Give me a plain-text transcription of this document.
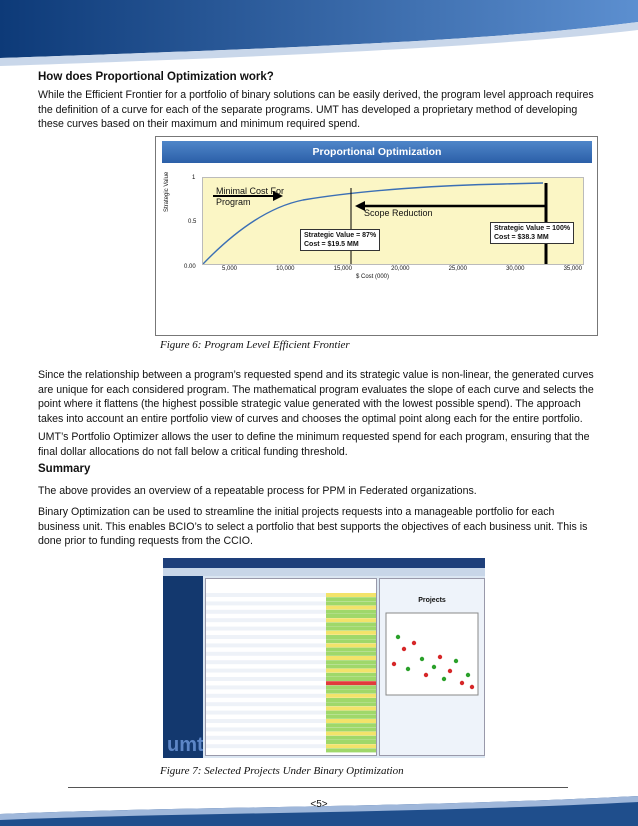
How does Proportional Optimization work?
While the Efficient Frontier for a portfolio of binary solutions can be easily derived, the program level approach requires the definition of a curve for each of the separate programs. UMT has developed a proprietary method of developing these curves based on their maximum and minimum required spend.
Proportional Optimization
Strategic Value	1
0.5
0.00
Minimal Cost For Program
Scope Reduction
Strategic Value = 87%
Cost = $19.5 MM
Strategic Value = 100%
Cost = $38.3 MM
5,000	10,000	15,000	20,000	25,000	30,000	35,000
$ Cost (000)
Figure 6: Program Level Efficient Frontier
Since the relationship between a program’s requested spend and its strategic value is non-linear, the generated curves are unique for each considered program. The mathematical program evaluates the slope of each curve and selects the point where it flattens (the highest possible strategic value generated with the lowest possible spend). The approach takes into account an entire portfolio view of curves and chooses the optimal point along each for the entire portfolio.
UMT’s Portfolio Optimizer allows the user to define the minimum requested spend for each program, ensuring that the final dollar allocations do not fall below a critical funding threshold.
Summary
The above provides an overview of a repeatable process for PPM in Federated organizations.
Binary Optimization can be used to streamline the initial projects requests into a manageable portfolio for each business unit. This enables BCIO’s to select a portfolio that best supports the objectives of each business unit. This is done prior to funding requests from the CCIO.
umt
Projects
Figure 7: Selected Projects Under Binary Optimization
<5>
